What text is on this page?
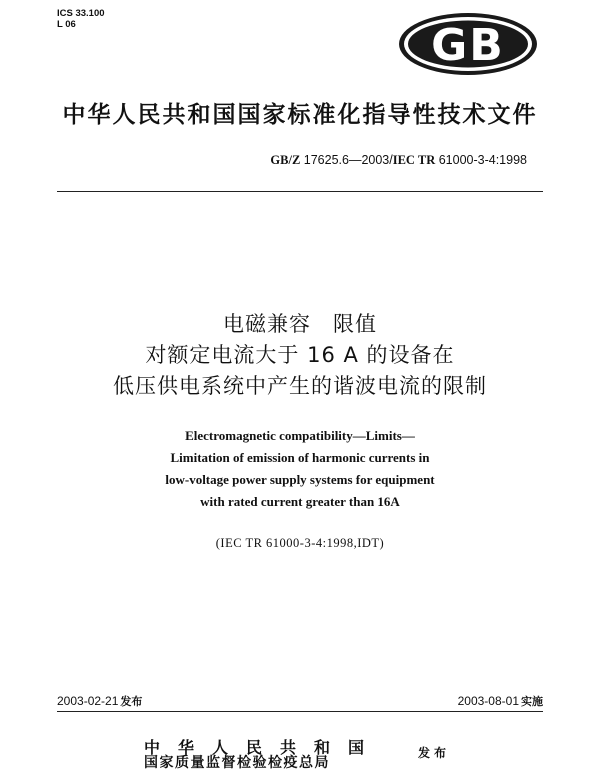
ICS 33.100
L 06	GB
中华人民共和国国家标准化指导性技术文件
GB/Z 17625.6—2003/IEC TR 61000-3-4:1998
电磁兼容　限值
对额定电流大于 16 A 的设备在
低压供电系统中产生的谐波电流的限制
Electromagnetic compatibility—Limits—
Limitation of emission of harmonic currents in
low-voltage power supply systems for equipment
with rated current greater than 16A
(IEC TR 61000-3-4:1998,IDT)
2003-02-21 发布	2003-08-01 实施
中华人民共和国
国家质量监督检验检疫总局
发布
